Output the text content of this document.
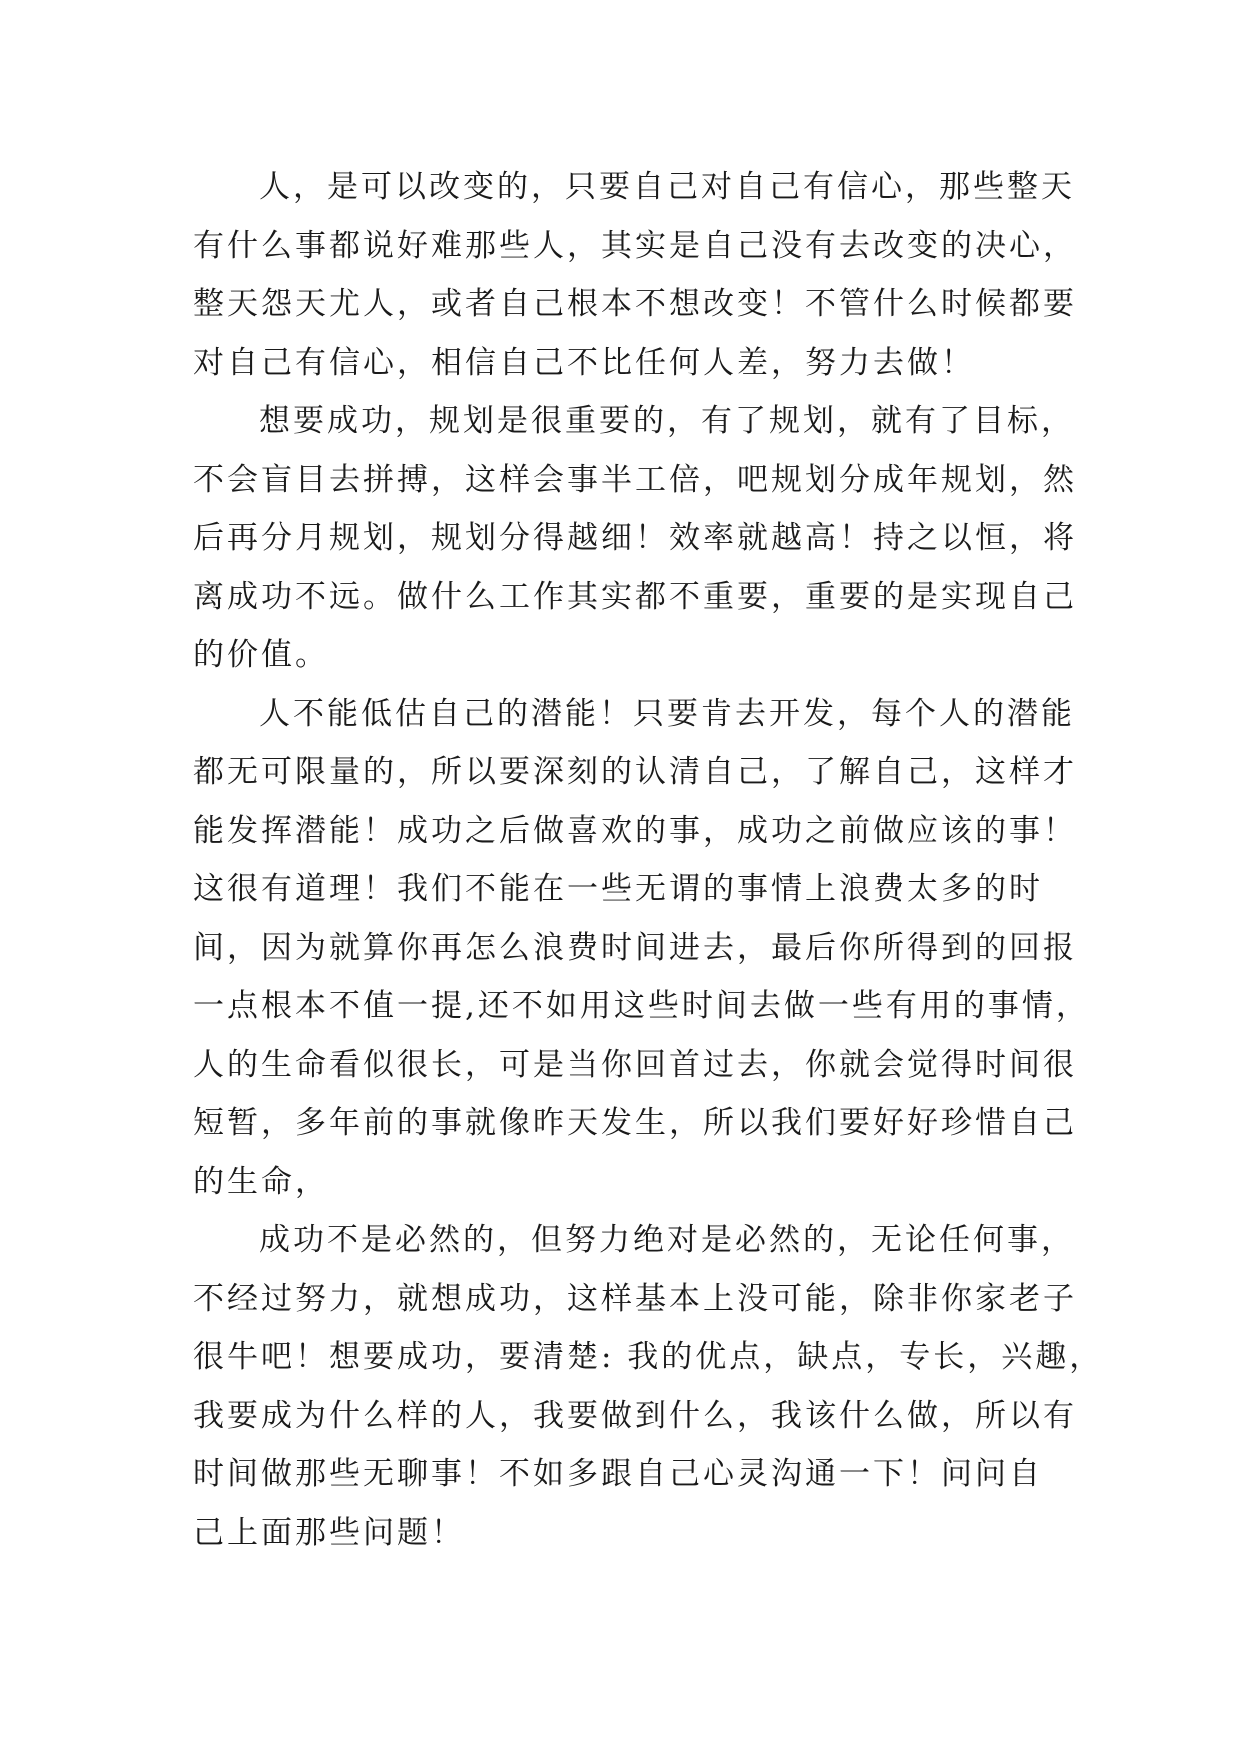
人，是可以改变的，只要自己对自己有信心，那些整天
有什么事都说好难那些人，其实是自己没有去改变的决心，
整天怨天尤人，或者自己根本不想改变！不管什么时候都要
对自己有信心，相信自己不比任何人差，努力去做！
想要成功，规划是很重要的，有了规划，就有了目标，
不会盲目去拼搏，这样会事半工倍，吧规划分成年规划，然
后再分月规划，规划分得越细！效率就越高！持之以恒，将
离成功不远。做什么工作其实都不重要，重要的是实现自己
的价值。
人不能低估自己的潜能！只要肯去开发，每个人的潜能
都无可限量的，所以要深刻的认清自己，了解自己，这样才
能发挥潜能！成功之后做喜欢的事，成功之前做应该的事！
这很有道理！我们不能在一些无谓的事情上浪费太多的时
间，因为就算你再怎么浪费时间进去，最后你所得到的回报
一点根本不值一提,还不如用这些时间去做一些有用的事情，
人的生命看似很长，可是当你回首过去，你就会觉得时间很
短暂，多年前的事就像昨天发生，所以我们要好好珍惜自己
的生命，
成功不是必然的，但努力绝对是必然的，无论任何事，
不经过努力，就想成功，这样基本上没可能，除非你家老子
很牛吧！想要成功，要清楚: 我的优点，缺点，专长，兴趣，
我要成为什么样的人，我要做到什么，我该什么做，所以有
时间做那些无聊事！不如多跟自己心灵沟通一下！问问自
己上面那些问题！
